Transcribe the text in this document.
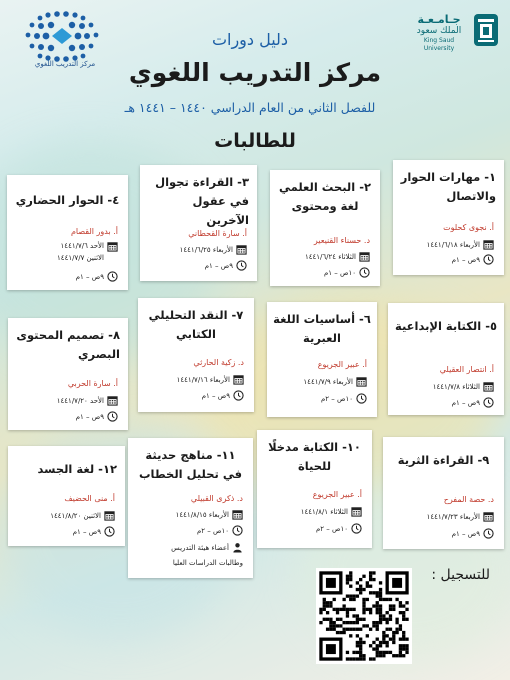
جـامـعـة
الملك سعود
King Saud University
مركز التدريب اللغوي
دليل دورات
مركز التدريب اللغوي
للفصل الثاني من العام الدراسي ١٤٤٠ – ١٤٤١ هـ
للطالبات
١- مهارات الحوار والاتصال
أ. نجوى كحلوت
الأربعاء ١٤٤١/٦/١٨
٩ص – ١م
٢- البحث العلمي لغة ومحتوى
د. حسناء القنيعير
الثلاثاء ١٤٤١/٦/٢٤
١٠ص – ١م
٣- القراءة تجوال في عقول الآخرين
أ. سارة القحطاني
الأربعاء ١٤٤١/٦/٢٥
٩ص – ١م
٤- الحوار الحضاري
أ. بدور القصام
الأحد ١٤٤١/٧/٦
الاثنين ١٤٤١/٧/٧
٩ص – ١م
٥- الكتابة الإبداعية
أ. انتصار العقيلي
الثلاثاء ١٤٤١/٧/٨
٩ص – ١م
٦- أساسيات اللغة العبرية
أ. عبير الجريوع
الأربعاء ١٤٤١/٧/٩
١٠ص – ٢م
٧- النقد التحليلي الكتابي
د. زكية الحارثي
الأربعاء ١٤٤١/٧/١٦
٩ص – ١م
٨- تصميم المحتوى البصري
أ. سارة الحربي
الأحد ١٤٤١/٧/٢٠
٩ص – ١م
٩- القراءة الثرية
د. حصة المفرح
الأربعاء ١٤٤١/٧/٢٣
٩ص – ١م
١٠- الكتابة مدخلًا للحياة
أ. عبير الجريوع
الثلاثاء ١٤٤١/٨/١
١٠ص – ٢م
١١- مناهج حديثة في تحليل الخطاب
د. ذكرى القبيلي
الأربعاء ١٤٤١/٨/١٥
١٠ص – ٢م
أعضاء هيئة التدريس
وطالبات الدراسات العليا
١٢- لغة الجسد
أ. منى الحضيف
الاثنين ١٤٤١/٨/٢٠
٩ص – ١م
للتسجيل :
